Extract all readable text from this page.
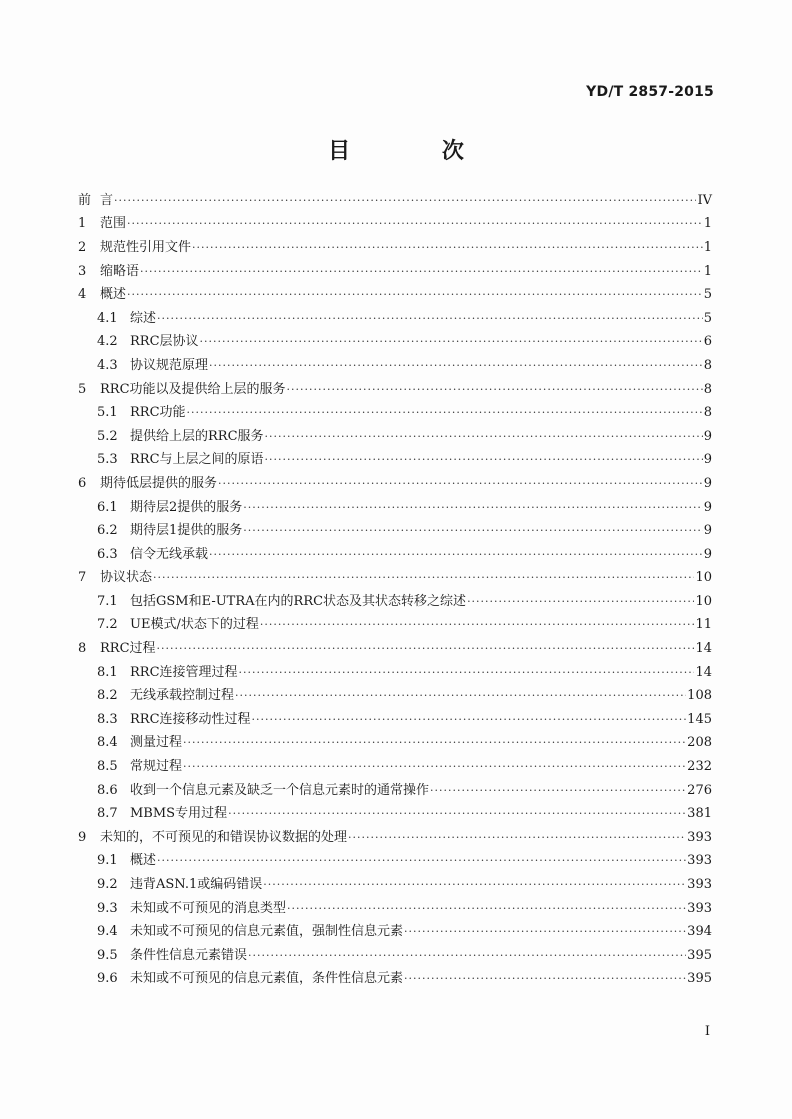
YD/T 2857-2015
目 次
前 言 ·····	IV
1	范围 ·····	1
2	规范性引用文件 ·····	1
3	缩略语 ·····	1
4	概述 ·····	5
4.1 综述 ·····	5
4.2 RRC层协议 ·····	6
4.3 协议规范原理 ·····	8
5	RRC功能以及提供给上层的服务 ·····	8
5.1 RRC功能 ·····	8
5.2 提供给上层的RRC服务 ·····	9
5.3 RRC与上层之间的原语 ·····	9
6	期待低层提供的服务 ·····	9
6.1 期待层2提供的服务 ·····	9
6.2 期待层1提供的服务 ·····	9
6.3 信令无线承载 ·····	9
7	协议状态 ·····	10
7.1 包括GSM和E-UTRA在内的RRC状态及其状态转移之综述 ·····	10
7.2 UE模式/状态下的过程 ·····	11
8	RRC过程 ·····	14
8.1 RRC连接管理过程 ·····	14
8.2 无线承载控制过程 ·····	108
8.3 RRC连接移动性过程 ·····	145
8.4 测量过程 ·····	208
8.5 常规过程 ·····	232
8.6 收到一个信息元素及缺乏一个信息元素时的通常操作 ·····	276
8.7 MBMS专用过程 ·····	381
9	未知的，不可预见的和错误协议数据的处理 ·····	393
9.1 概述 ·····	393
9.2 违背ASN.1或编码错误 ·····	393
9.3 未知或不可预见的消息类型 ·····	393
9.4 未知或不可预见的信息元素值，强制性信息元素 ·····	394
9.5 条件性信息元素错误 ·····	395
9.6 未知或不可预见的信息元素值，条件性信息元素 ·····	395
I
